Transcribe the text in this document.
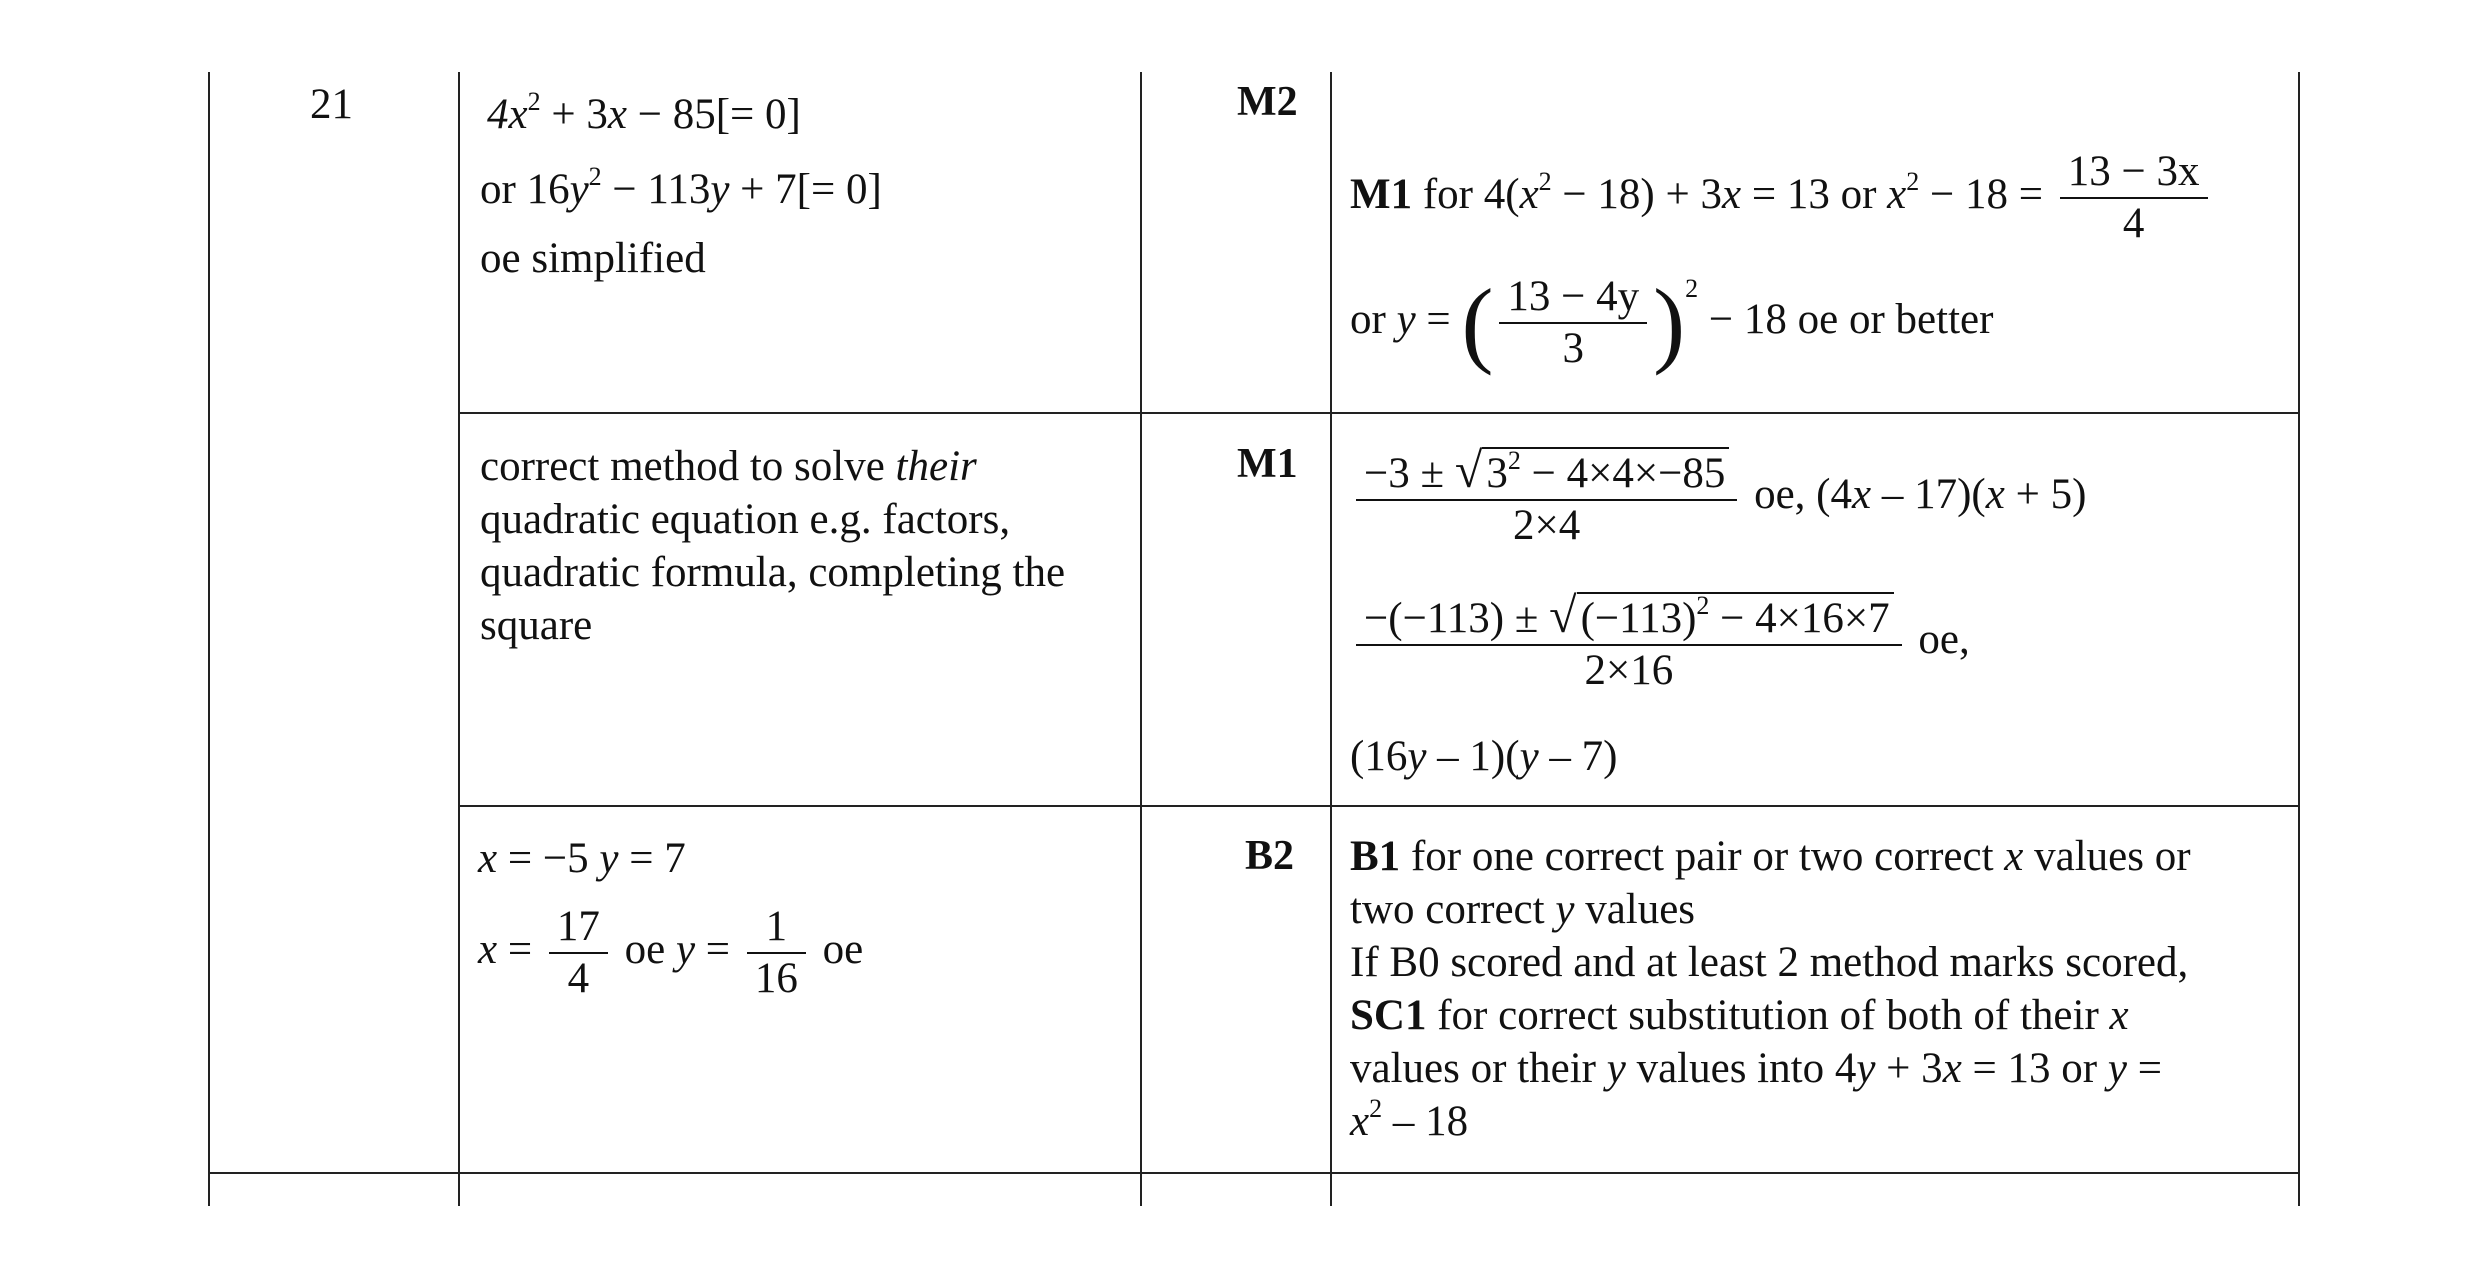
21	$4x^2 + 3x - 85[= 0]$
or $16y^2 - 113y + 7[= 0]$
oe simplified
M2
M1 for $4(x^2 - 18) + 3x = 13$ or $x^2 - 18 = \frac{13 - 3x}{4}$
or y = ( $\frac{13 - 4y}{3} )^2 - 18$ oe or better
correct method to solve their
quadratic equation e.g. factors,
quadratic formula, completing the
square
$M1 \frac{-3 \pm √3^2 - 4\times 4\times-85}{2\times 4}$ oe, (4x – 17)(x + 5)
$\frac{-(-113) \pm √(-113)^2 - 4\times 16\times 7}{2\times 16}$ oe,
(16y – 1)(y – 7)
x = −5 y = 7
$x = \frac{17}{4}$ oe $y = \frac{1}{16}$ oe
B2 B1 for one correct pair or two correct x values or
two correct y values
If B0 scored and at least 2 method marks scored,
SC1 for correct substitution of both of their x
values or their y values into 4y + 3x = 13 or y =
$x^2 - 18$
